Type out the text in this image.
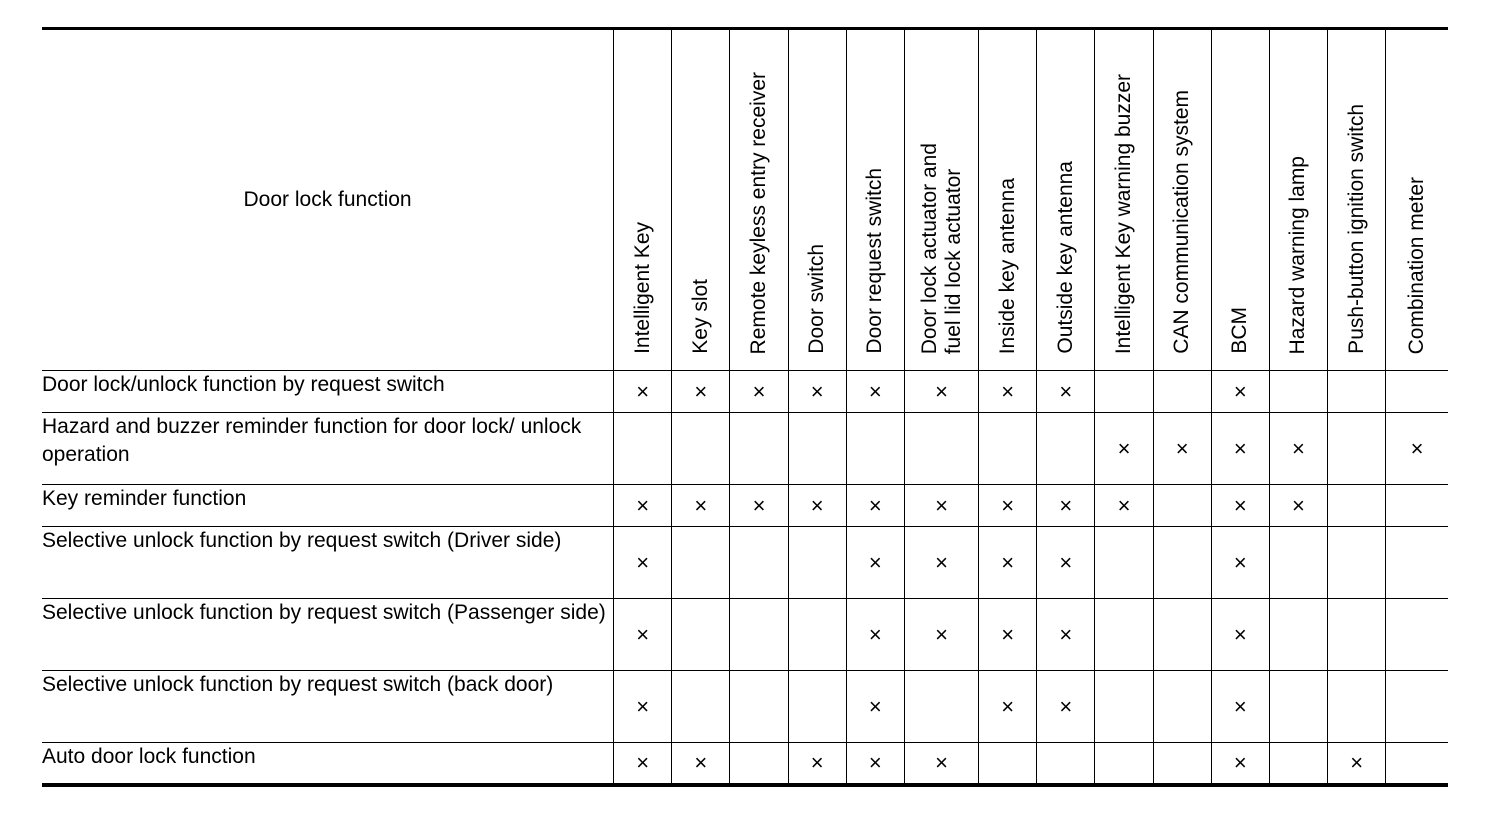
Door lock function	Intelligent Key	Key slot	Remote keyless entry receiver	Door switch	Door request switch	Door lock actuator and
fuel lid lock actuator	Inside key antenna	Outside key antenna	Intelligent Key warning buzzer	CAN communication system	BCM	Hazard warning lamp	Push-button ignition switch	Combination meter

Door lock/unlock function by request switch	×	×	×	×	×	×	×	×			×			
Hazard and buzzer reminder function for door lock/ unlock operation									×	×	×	×		×
Key reminder function	×	×	×	×	×	×	×	×	×		×	×		
Selective unlock function by request switch (Driver side)	×				×	×	×	×			×			
Selective unlock function by request switch (Passenger side)	×				×	×	×	×			×			
Selective unlock function by request switch (back door)	×				×		×	×			×			
Auto door lock function	×	×		×	×	×					×		×	
